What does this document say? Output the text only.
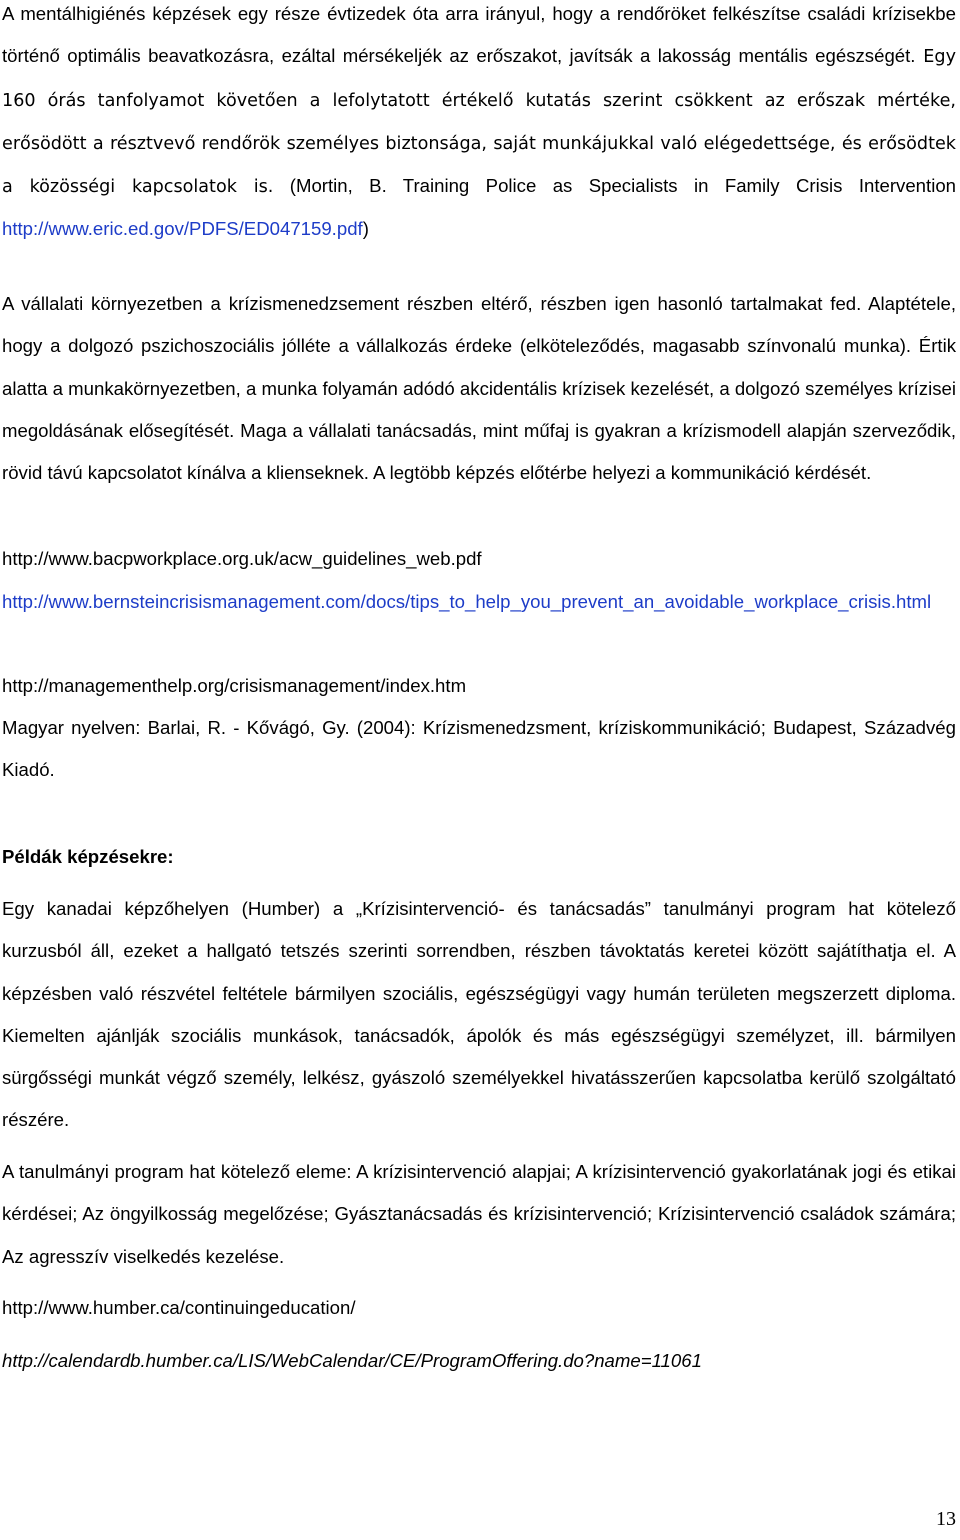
A mentálhigiénés képzések egy része évtizedek óta arra irányul, hogy a rendőröket felkészítse családi krízisekbe történő optimális beavatkozásra, ezáltal mérsékeljék az erőszakot, javítsák a lakosság mentális egészségét. Egy 160 órás tanfolyamot követően a lefolytatott értékelő kutatás szerint csökkent az erőszak mértéke, erősödött a résztvevő rendőrök személyes biztonsága, saját munkájukkal való elégedettsége, és erősödtek a közösségi kapcsolatok is. (Mortin, B. Training Police as Specialists in Family Crisis Intervention http://www.eric.ed.gov/PDFS/ED047159.pdf)

A vállalati környezetben a krízismenedzsement részben eltérő, részben igen hasonló tartalmakat fed. Alaptétele, hogy a dolgozó pszichoszociális jólléte a vállalkozás érdeke (elköteleződés, magasabb színvonalú munka). Értik alatta a munkakörnyezetben, a munka folyamán adódó akcidentális krízisek kezelését, a dolgozó személyes krízisei megoldásának elősegítését. Maga a vállalati tanácsadás, mint műfaj is gyakran a krízismodell alapján szerveződik, rövid távú kapcsolatot kínálva a klienseknek. A legtöbb képzés előtérbe helyezi a kommunikáció kérdését.

http://www.bacpworkplace.org.uk/acw_guidelines_web.pdf

http://www.bernsteincrisismanagement.com/docs/tips_to_help_you_prevent_an_avoidable_workplace_crisis.html

http://managementhelp.org/crisismanagement/index.htm

Magyar nyelven: Barlai, R. - Kővágó, Gy. (2004): Krízismenedzsment, kríziskommunikáció; Budapest, Századvég Kiadó.

Példák képzésekre:

Egy kanadai képzőhelyen (Humber) a „Krízisintervenció- és tanácsadás” tanulmányi program hat kötelező kurzusból áll, ezeket a hallgató tetszés szerinti sorrendben, részben távoktatás keretei között sajátíthatja el. A képzésben való részvétel feltétele bármilyen szociális, egészségügyi vagy humán területen megszerzett diploma. Kiemelten ajánlják szociális munkások, tanácsadók, ápolók és más egészségügyi személyzet, ill. bármilyen sürgősségi munkát végző személy, lelkész, gyászoló személyekkel hivatásszerűen kapcsolatba kerülő szolgáltató részére.

A tanulmányi program hat kötelező eleme: A krízisintervenció alapjai; A krízisintervenció gyakorlatának jogi és etikai kérdései; Az öngyilkosság megelőzése; Gyásztanácsadás és krízisintervenció; Krízisintervenció családok számára; Az agresszív viselkedés kezelése.

http://www.humber.ca/continuingeducation/

http://calendardb.humber.ca/LIS/WebCalendar/CE/ProgramOffering.do?name=11061

13
